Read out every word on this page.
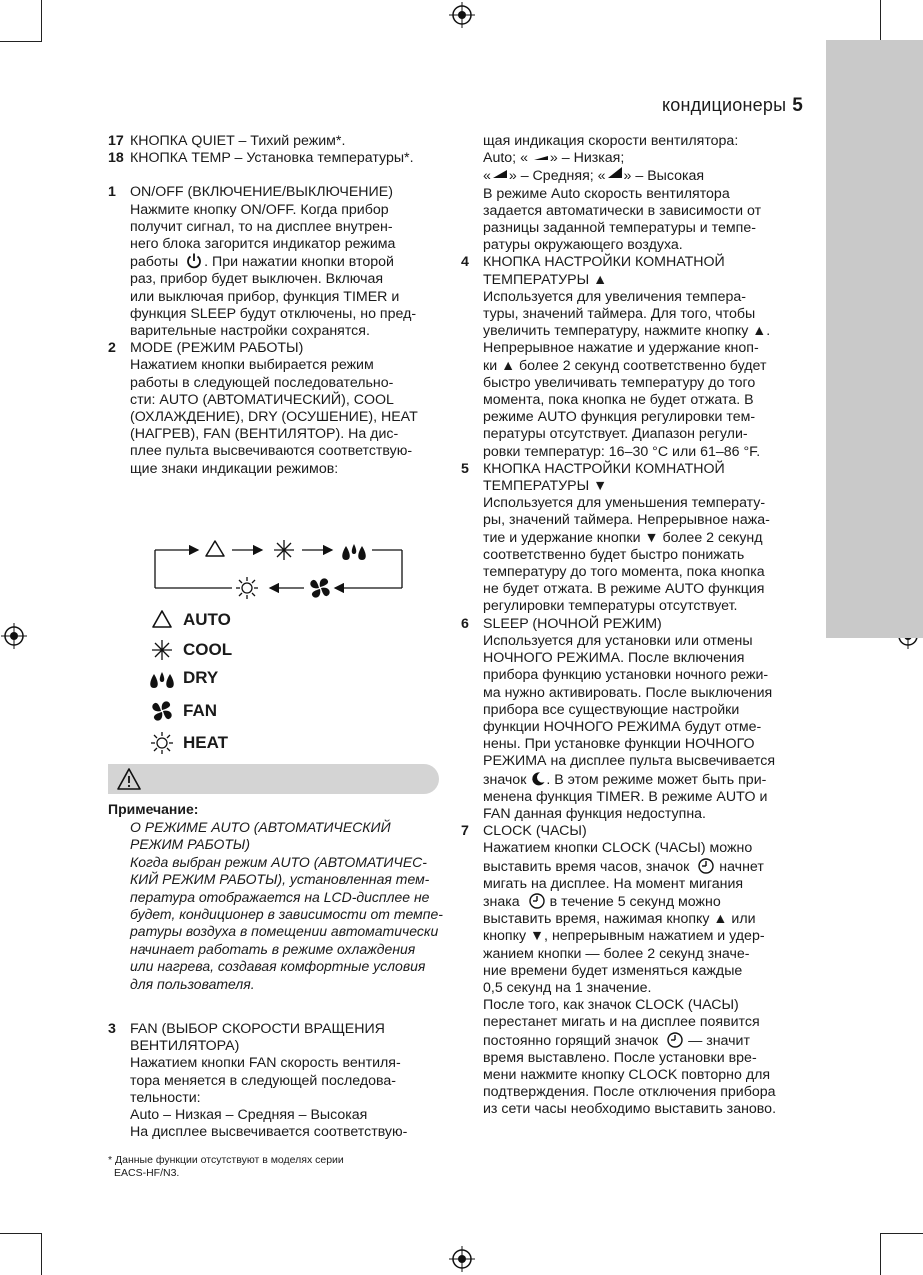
кондиционеры 5

17 КНОПКА QUIET – Тихий режим*.

18 КНОПКА TEMP – Установка температуры*.

1 ON/OFF (ВКЛЮЧЕНИЕ/ВЫКЛЮЧЕНИЕ)

Нажмите кнопку ON/OFF. Когда прибор

получит сигнал, то на дисплее внутрен-

него блока загорится индикатор режима

работы . При нажатии кнопки второй

раз, прибор будет выключен. Включая

или выключая прибор, функция TIMER и

функция SLEEP будут отключены, но пред-

варительные настройки сохранятся.

2 MODE (РЕЖИМ РАБОТЫ)

Нажатием кнопки выбирается режим

работы в следующей последовательно-

сти: AUTO (АВТОМАТИЧЕСКИЙ), COOL

(ОХЛАЖДЕНИЕ), DRY (ОСУШЕНИЕ), HEAT

(НАГРЕВ), FAN (ВЕНТИЛЯТОР). На дис-

плее пульта высвечиваются соответствую-

щие знаки индикации режимов:

AUTO
COOL
DRY
FAN
HEAT
Примечание:

О РЕЖИМЕ AUTO (АВТОМАТИЧЕСКИЙ

РЕЖИМ РАБОТЫ)

Когда выбран режим AUTO (АВТОМАТИЧЕС-

КИЙ РЕЖИМ РАБОТЫ), установленная тем-

пература отображается на LCD-дисплее не

будет, кондиционер в зависимости от темпе-

ратуры воздуха в помещении автоматически

начинает работать в режиме охлаждения

или нагрева, создавая комфортные условия

для пользователя.

3 FAN (ВЫБОР СКОРОСТИ ВРАЩЕНИЯ

ВЕНТИЛЯТОРА)

Нажатием кнопки FAN скорость вентиля-

тора меняется в следующей последова-

тельности:

Auto – Низкая – Средняя – Высокая

На дисплее высвечивается соответствую-

* Данные функции отсутствуют в моделях серии
EACS-HF/N3.

щая индикация скорости вентилятора:

Auto; « » – Низкая;

« » – Средняя; « » – Высокая

В режиме Auto скорость вентилятора

задается автоматически в зависимости от

разницы заданной температуры и темпе-

ратуры окружающего воздуха.

4 КНОПКА НАСТРОЙКИ КОМНАТНОЙ

ТЕМПЕРАТУРЫ ▲

Используется для увеличения темпера-

туры, значений таймера. Для того, чтобы

увеличить температуру, нажмите кнопку ▲.

Непрерывное нажатие и удержание кноп-

ки ▲ более 2 секунд соответственно будет

быстро увеличивать температуру до того

момента, пока кнопка не будет отжата. В

режиме AUTO функция регулировки тем-

пературы отсутствует. Диапазон регули-

ровки температур: 16–30 °C или 61–86 °F.

5 КНОПКА НАСТРОЙКИ КОМНАТНОЙ

ТЕМПЕРАТУРЫ ▼

Используется для уменьшения температу-

ры, значений таймера. Непрерывное нажа-

тие и удержание кнопки ▼ более 2 секунд

соответственно будет быстро понижать

температуру до того момента, пока кнопка

не будет отжата. В режиме AUTO функция

регулировки температуры отсутствует.

6 SLEEP (НОЧНОЙ РЕЖИМ)

Используется для установки или отмены

НОЧНОГО РЕЖИМА. После включения

прибора функцию установки ночного режи-

ма нужно активировать. После выключения

прибора все существующие настройки

функции НОЧНОГО РЕЖИМА будут отме-

нены. При установке функции НОЧНОГО

РЕЖИМА на дисплее пульта высвечивается

значок z . В этом режиме может быть при-

менена функция TIMER. В режиме AUTO и

FAN данная функция недоступна.

7 CLOCK (ЧАСЫ)

Нажатием кнопки CLOCK (ЧАСЫ) можно

выставить время часов, значок начнет

мигать на дисплее. На момент мигания

знака в течение 5 секунд можно

выставить время, нажимая кнопку ▲ или

кнопку ▼, непрерывным нажатием и удер-

жанием кнопки — более 2 секунд значе-

ние времени будет изменяться каждые

0,5 секунд на 1 значение.

После того, как значок CLOCK (ЧАСЫ)

перестанет мигать и на дисплее появится

постоянно горящий значок — значит

время выставлено. После установки вре-

мени нажмите кнопку CLOCK повторно для

подтверждения. После отключения прибора

из сети часы необходимо выставить заново.
